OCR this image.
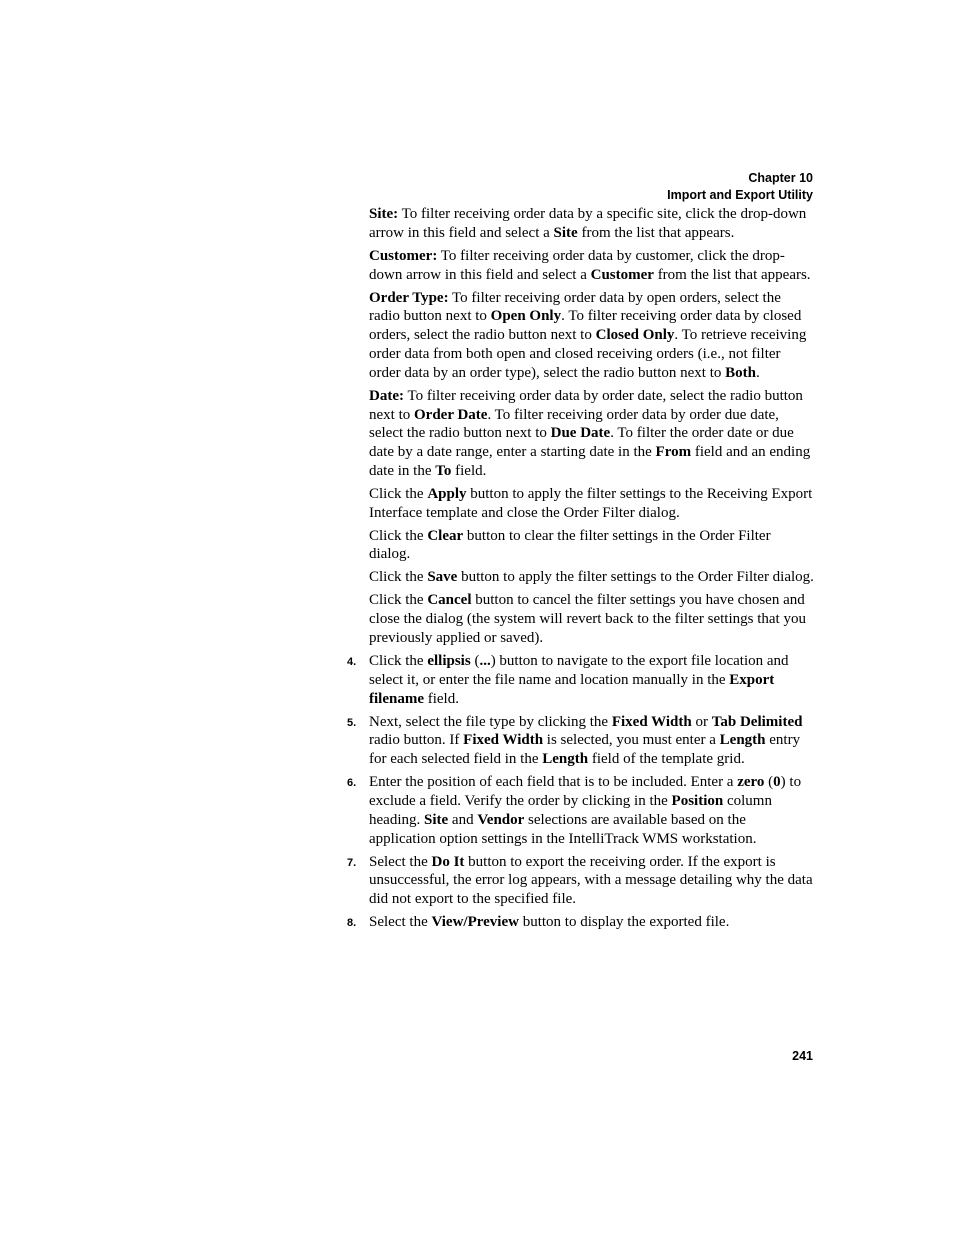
Chapter 10
Import and Export Utility

Site: To filter receiving order data by a specific site, click the drop-down arrow in this field and select a Site from the list that appears.

Customer: To filter receiving order data by customer, click the drop-down arrow in this field and select a Customer from the list that appears.

Order Type: To filter receiving order data by open orders, select the radio button next to Open Only. To filter receiving order data by closed orders, select the radio button next to Closed Only. To retrieve receiving order data from both open and closed receiving orders (i.e., not filter order data by an order type), select the radio button next to Both.

Date: To filter receiving order data by order date, select the radio button next to Order Date. To filter receiving order data by order due date, select the radio button next to Due Date. To filter the order date or due date by a date range, enter a starting date in the From field and an ending date in the To field.

Click the Apply button to apply the filter settings to the Receiving Export Interface template and close the Order Filter dialog.

Click the Clear button to clear the filter settings in the Order Filter dialog.

Click the Save button to apply the filter settings to the Order Filter dialog.

Click the Cancel button to cancel the filter settings you have chosen and close the dialog (the system will revert back to the filter settings that you previously applied or saved).

4. Click the ellipsis (...) button to navigate to the export file location and select it, or enter the file name and location manually in the Export filename field.
5. Next, select the file type by clicking the Fixed Width or Tab Delimited radio button. If Fixed Width is selected, you must enter a Length entry for each selected field in the Length field of the template grid.
6. Enter the position of each field that is to be included. Enter a zero (0) to exclude a field. Verify the order by clicking in the Position column heading. Site and Vendor selections are available based on the application option settings in the IntelliTrack WMS workstation.
7. Select the Do It button to export the receiving order. If the export is unsuccessful, the error log appears, with a message detailing why the data did not export to the specified file.
8. Select the View/Preview button to display the exported file.
241
